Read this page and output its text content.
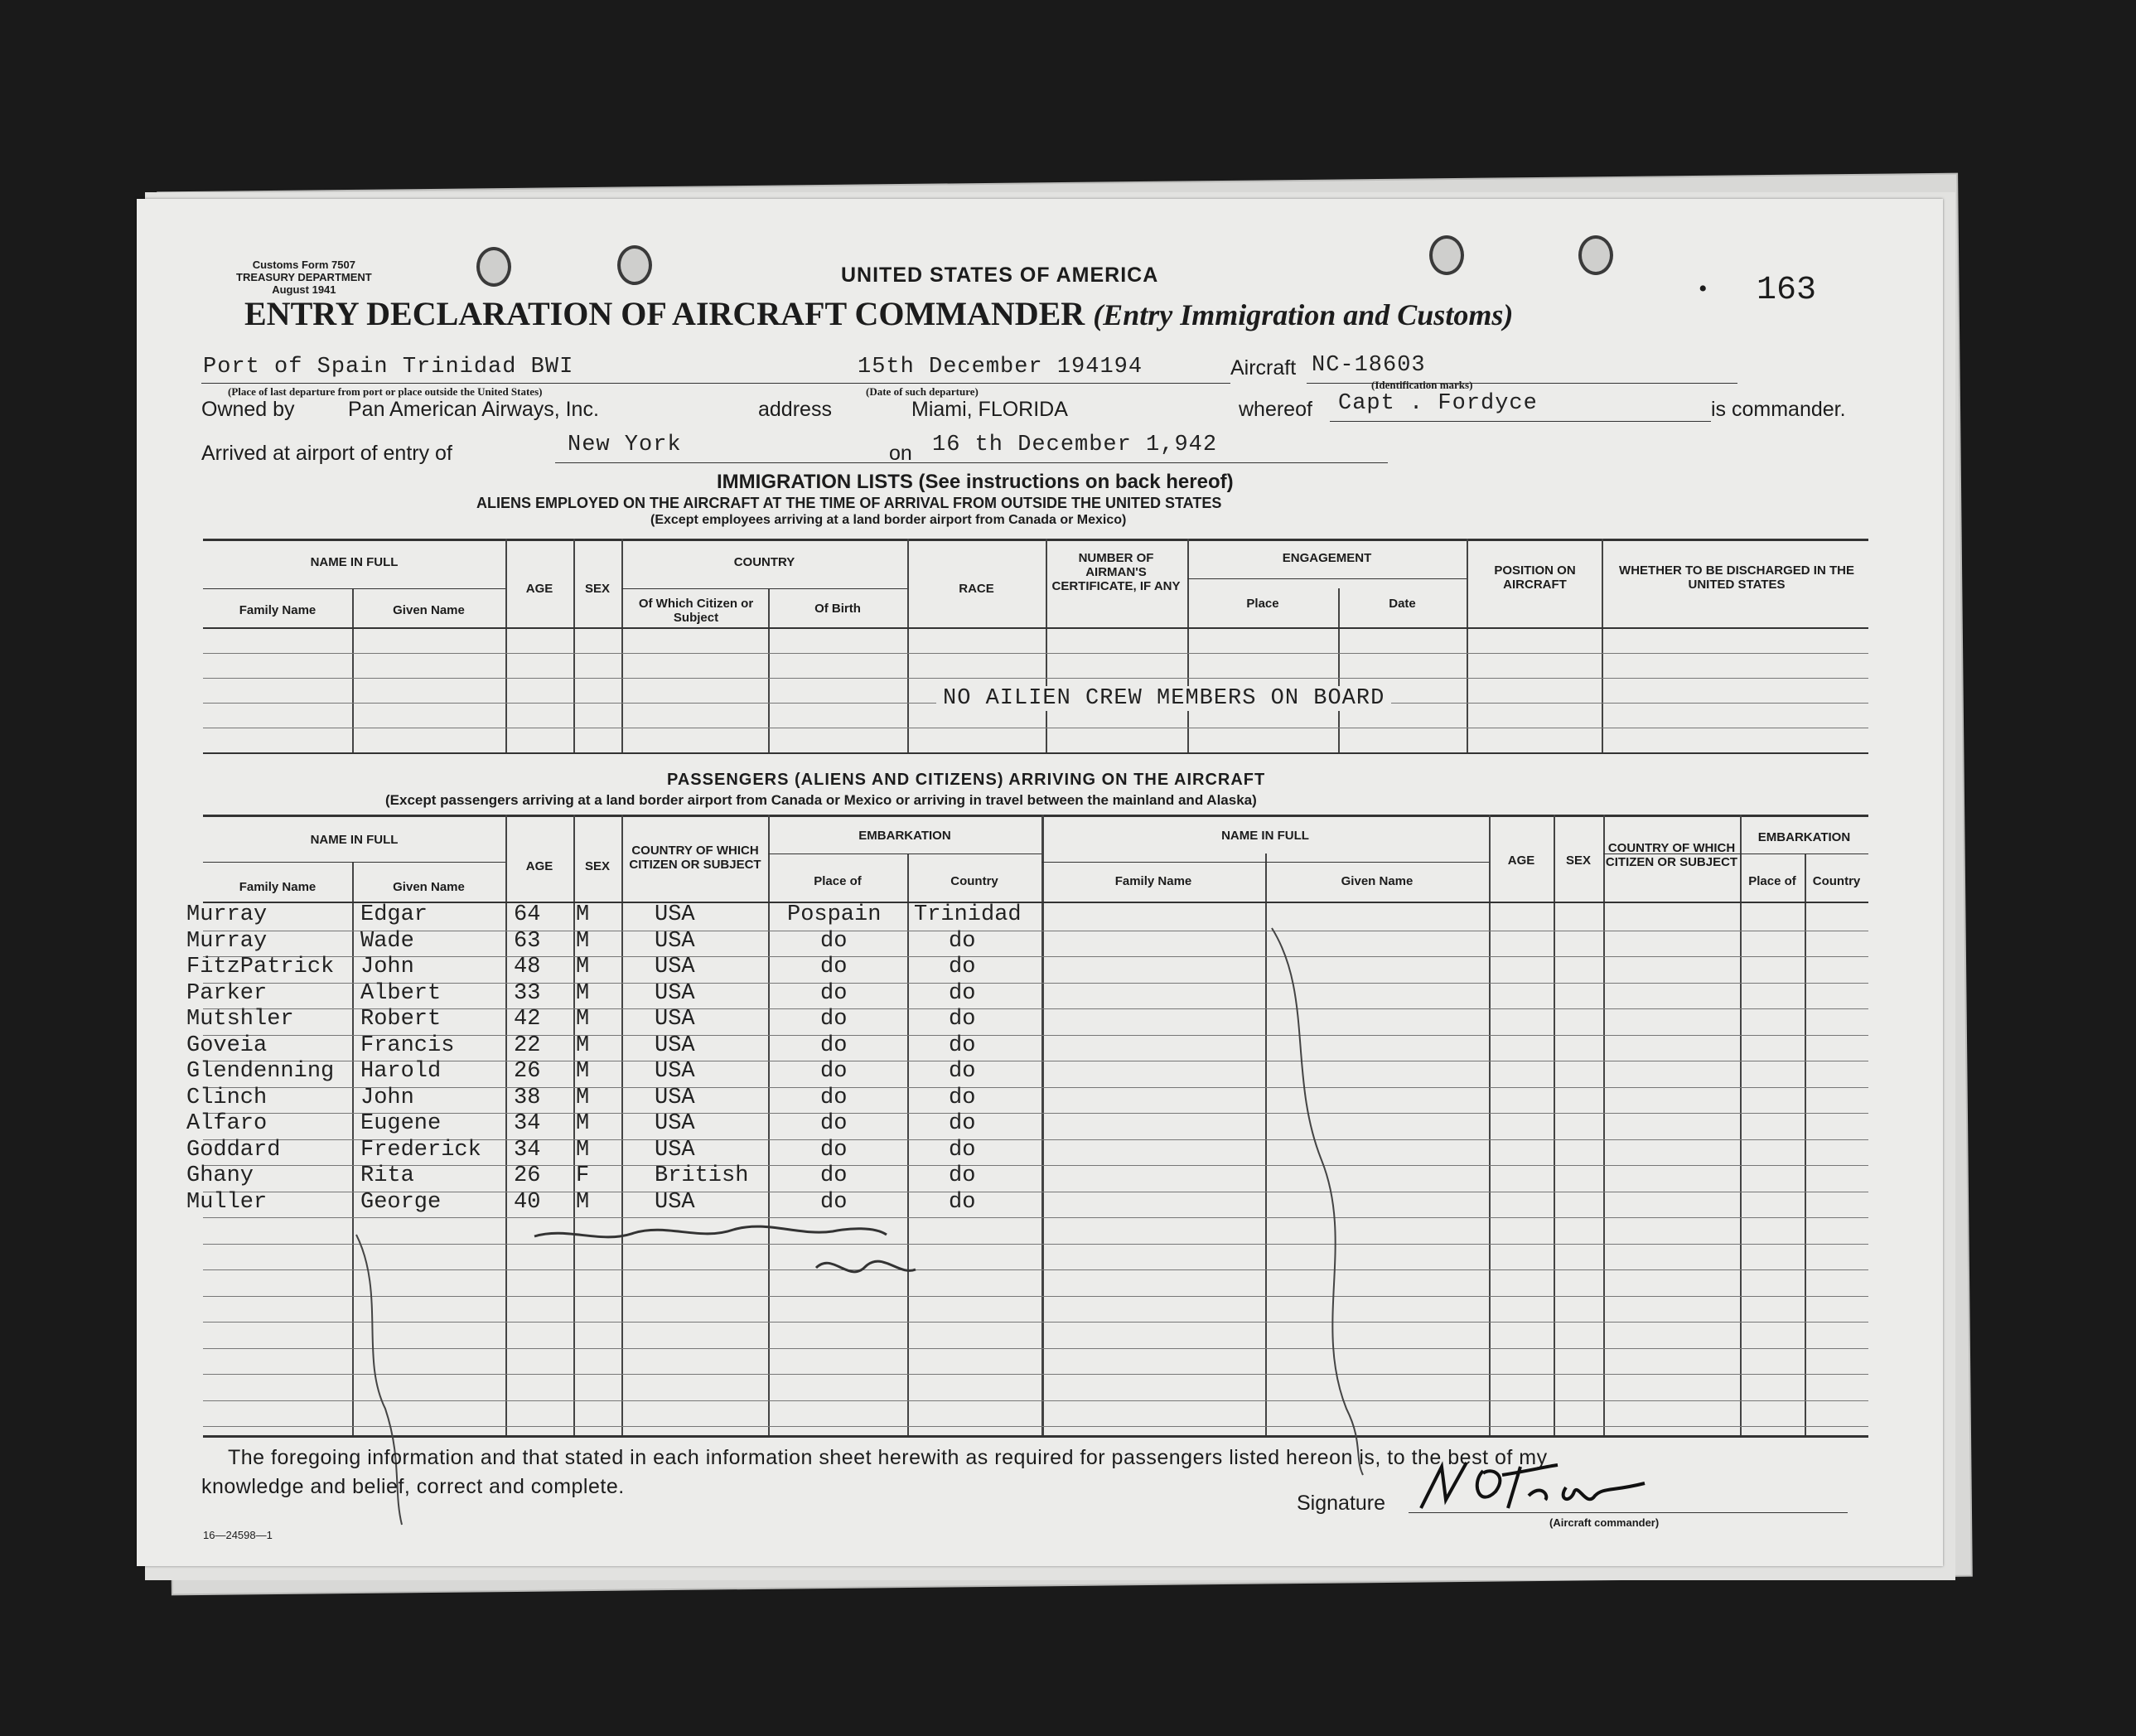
Customs Form 7507
TREASURY DEPARTMENT
August 1941
UNITED STATES OF AMERICA	163
•
ENTRY DECLARATION OF AIRCRAFT COMMANDER (Entry Immigration and Customs)
Port of Spain Trinidad BWI
(Place of last departure from port or place outside the United States)
15th December 194194
(Date of such departure)
Aircraft NC-18603
(Identification marks)
Owned by	Pan American Airways, Inc.	address	Miami, FLORIDA	whereof Capt . Fordyce	is commander.
Arrived at airport of entry of	New York	on 16 th December 1,942
IMMIGRATION LISTS (See instructions on back hereof)
ALIENS EMPLOYED ON THE AIRCRAFT AT THE TIME OF ARRIVAL FROM OUTSIDE THE UNITED STATES
(Except employees arriving at a land border airport from Canada or Mexico)
NAME IN FULL
Family Name	Given Name
AGE	SEX
COUNTRY
Of Which Citizen or Subject
Of Birth
RACE
NUMBER OF AIRMAN'S CERTIFICATE, IF ANY
ENGAGEMENT
Place	Date
POSITION ON AIRCRAFT
WHETHER TO BE DISCHARGED IN THE UNITED STATES
NO AILIEN CREW MEMBERS ON BOARD
PASSENGERS (ALIENS AND CITIZENS) ARRIVING ON THE AIRCRAFT
(Except passengers arriving at a land border airport from Canada or Mexico or arriving in travel between the mainland and Alaska)
NAME IN FULL
Family Name	Given Name
AGE	SEX
COUNTRY OF WHICH CITIZEN OR SUBJECT
EMBARKATION
Place of	Country
NAME IN FULL
Family Name	Given Name
AGE	SEX
COUNTRY OF WHICH CITIZEN OR SUBJECT
EMBARKATION
Place of	Country
Murray	Edgar	64 M	USA	Pospain Trinidad
Murray	Wade	63 M	USA	do	do
FitzPatrick John	48 M	USA	do	do
Parker	Albert	33 M	USA	do	do
Mutshler	Robert	42 M	USA	do	do
Goveia	Francis	22 M	USA	do	do
Glendenning Harold	26 M	USA	do	do
Clinch	John	38 M	USA	do	do
Alfaro	Eugene	34 M	USA	do	do
Goddard	Frederick 34 M	USA	do	do
Ghany	Rita	26 F	British	do	do
Muller	George	40 M	USA	do	do
The foregoing information and that stated in each information sheet herewith as required for passengers listed hereon is, to the best of my
knowledge and belief, correct and complete.
Signature
(Aircraft commander)
16—24598—1
